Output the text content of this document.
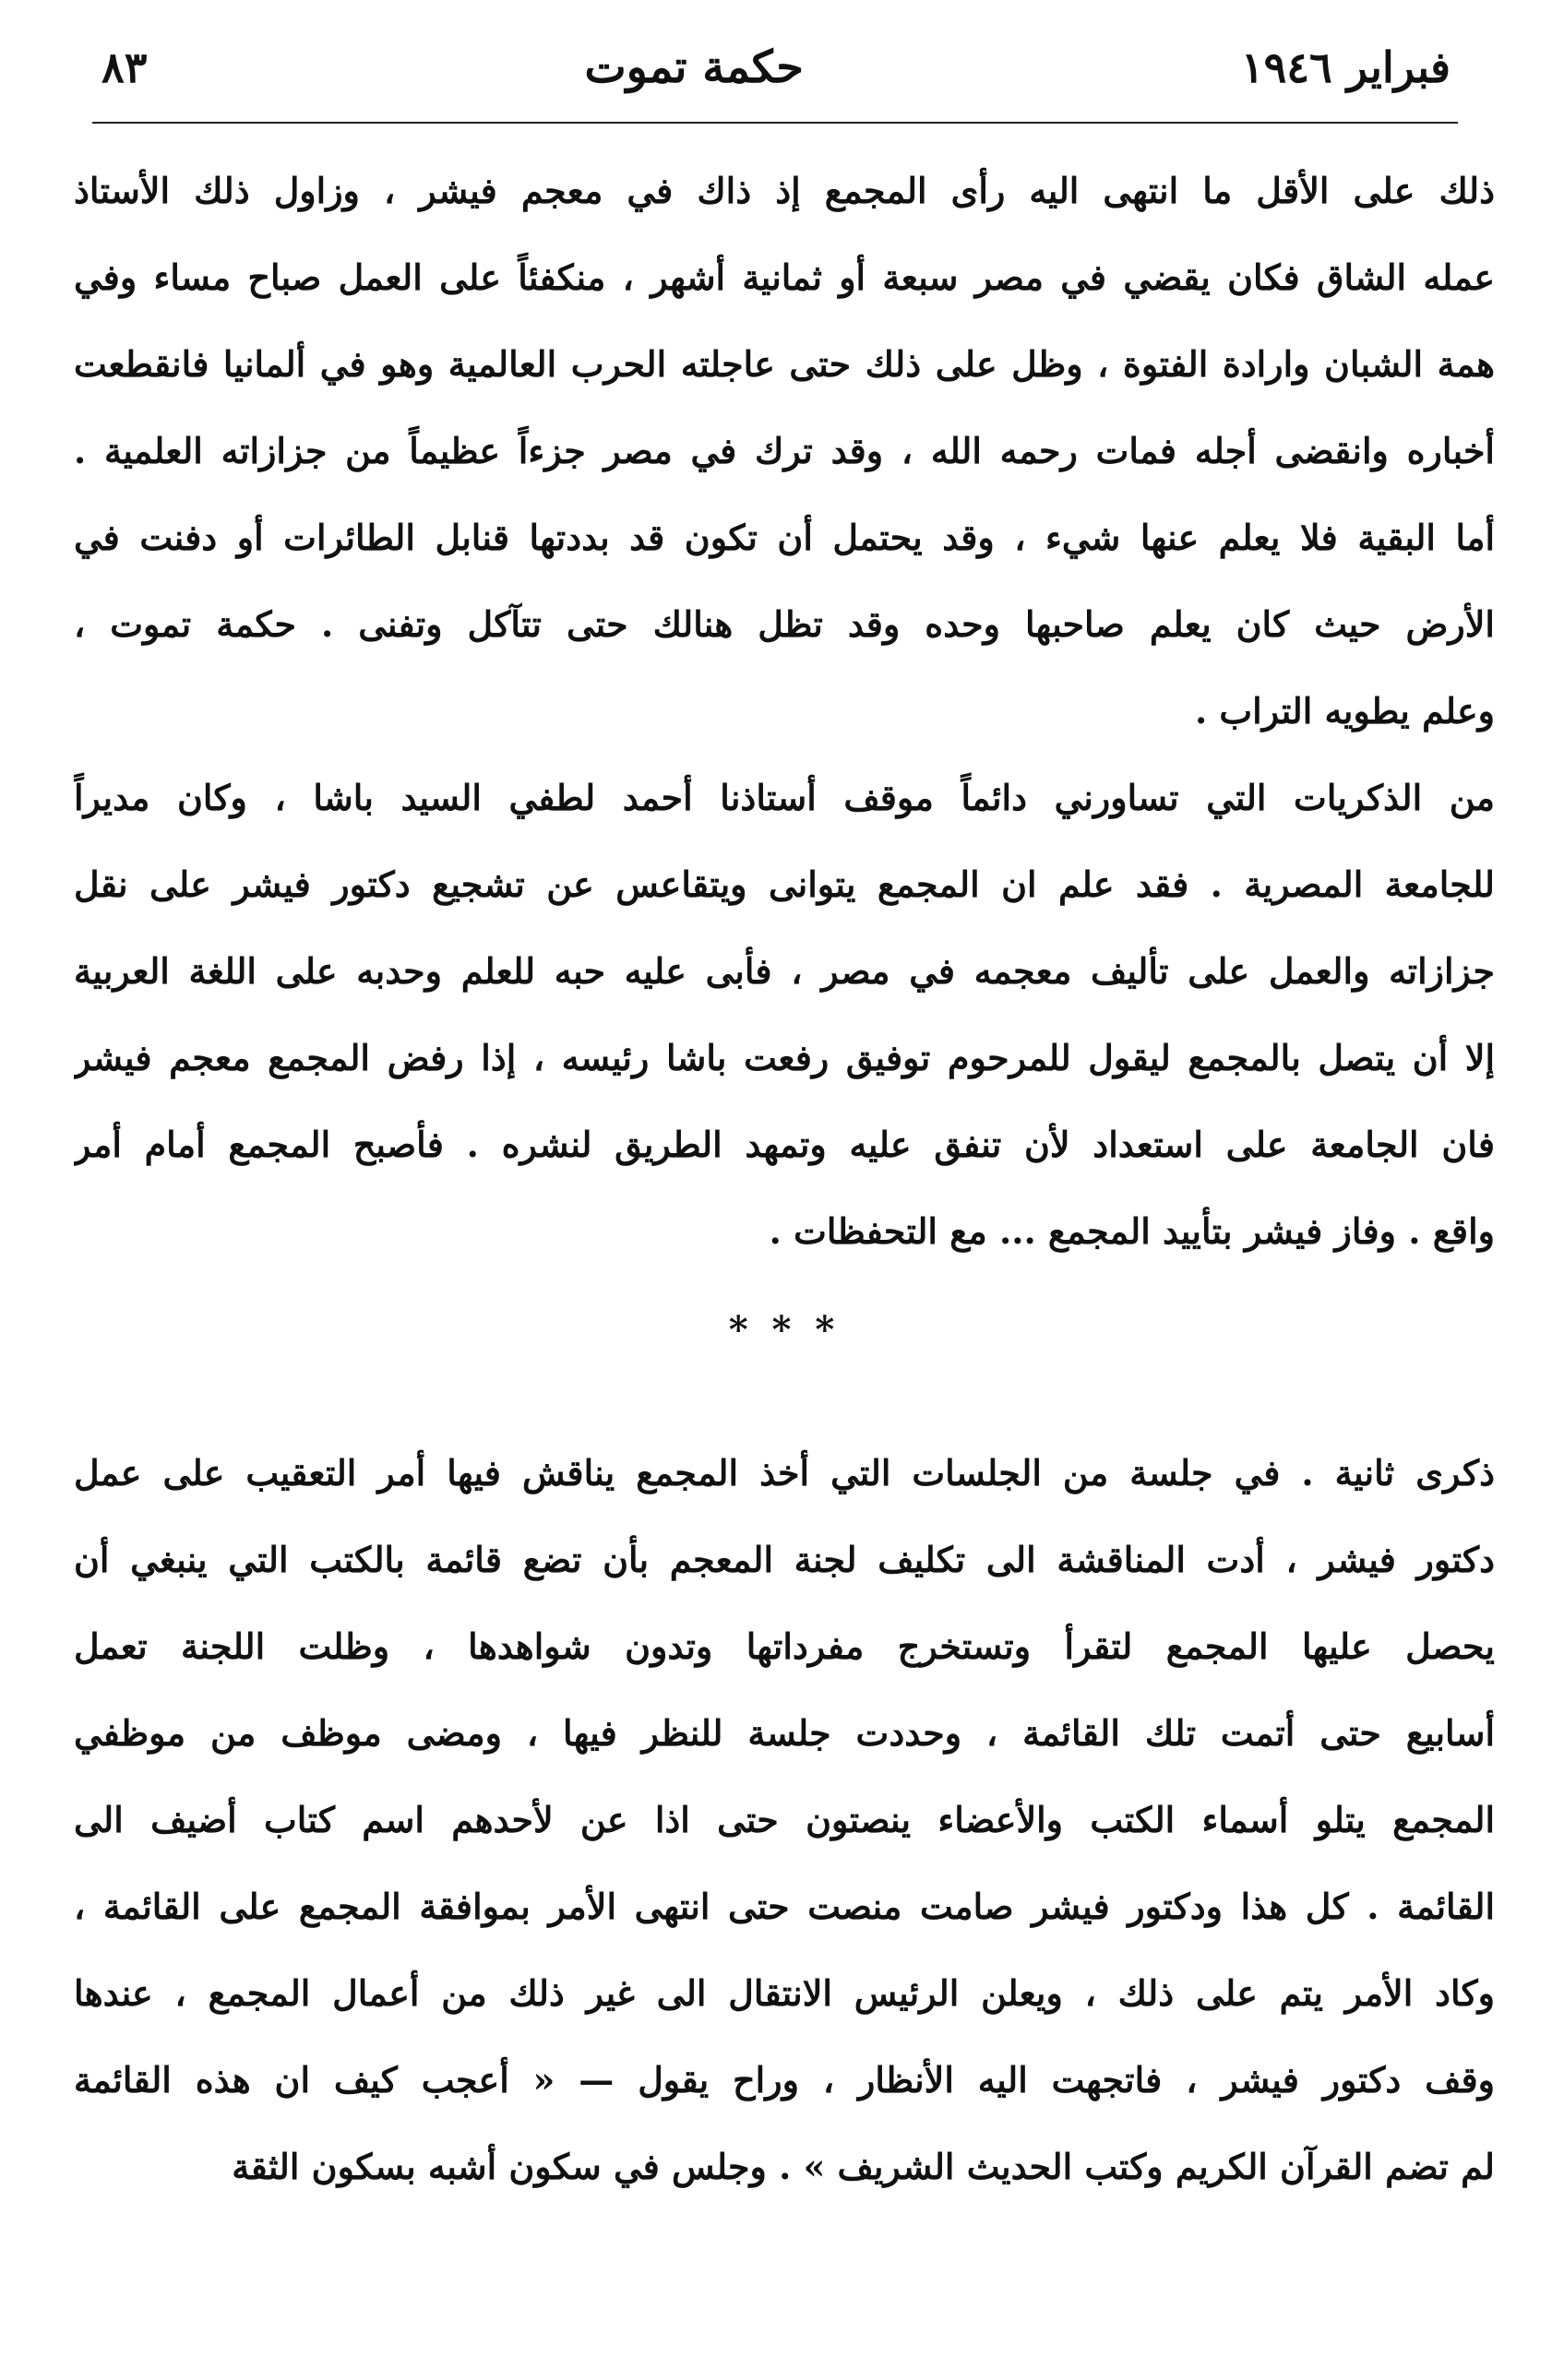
فبراير ١٩٤٦
حكمة تموت
٨٣

ذلك على الأقل ما انتهى اليه رأى المجمع إذ ذاك في معجم فيشر ، وزاول ذلك الأستاذ
عمله الشاق فكان يقضي في مصر سبعة أو ثمانية أشهر ، منكفئاً على العمل صباح مساء وفي
همة الشبان وارادة الفتوة ، وظل على ذلك حتى عاجلته الحرب العالمية وهو في ألمانيا فانقطعت
أخباره وانقضى أجله فمات رحمه الله ، وقد ترك في مصر جزءاً عظيماً من جزازاته العلمية .
أما البقية فلا يعلم عنها شيء ، وقد يحتمل أن تكون قد بددتها قنابل الطائرات أو دفنت في
الأرض حيث كان يعلم صاحبها وحده وقد تظل هنالك حتى تتآكل وتفنى . حكمة تموت ،
وعلم يطويه التراب .

من الذكريات التي تساورني دائماً موقف أستاذنا أحمد لطفي السيد باشا ، وكان مديراً
للجامعة المصرية . فقد علم ان المجمع يتوانى ويتقاعس عن تشجيع دكتور فيشر على نقل
جزازاته والعمل على تأليف معجمه في مصر ، فأبى عليه حبه للعلم وحدبه على اللغة العربية
إلا أن يتصل بالمجمع ليقول للمرحوم توفيق رفعت باشا رئيسه ، إذا رفض المجمع معجم فيشر
فان الجامعة على استعداد لأن تنفق عليه وتمهد الطريق لنشره . فأصبح المجمع أمام أمر
واقع . وفاز فيشر بتأييد المجمع ... مع التحفظات .

* * *

ذكرى ثانية . في جلسة من الجلسات التي أخذ المجمع يناقش فيها أمر التعقيب على عمل
دكتور فيشر ، أدت المناقشة الى تكليف لجنة المعجم بأن تضع قائمة بالكتب التي ينبغي أن
يحصل عليها المجمع لتقرأ وتستخرج مفرداتها وتدون شواهدها ، وظلت اللجنة تعمل
أسابيع حتى أتمت تلك القائمة ، وحددت جلسة للنظر فيها ، ومضى موظف من موظفي
المجمع يتلو أسماء الكتب والأعضاء ينصتون حتى اذا عن لأحدهم اسم كتاب أضيف الى
القائمة . كل هذا ودكتور فيشر صامت منصت حتى انتهى الأمر بموافقة المجمع على القائمة ،
وكاد الأمر يتم على ذلك ، ويعلن الرئيس الانتقال الى غير ذلك من أعمال المجمع ، عندها
وقف دكتور فيشر ، فاتجهت اليه الأنظار ، وراح يقول — « أعجب كيف ان هذه القائمة
لم تضم القرآن الكريم وكتب الحديث الشريف » . وجلس في سكون أشبه بسكون الثقة
